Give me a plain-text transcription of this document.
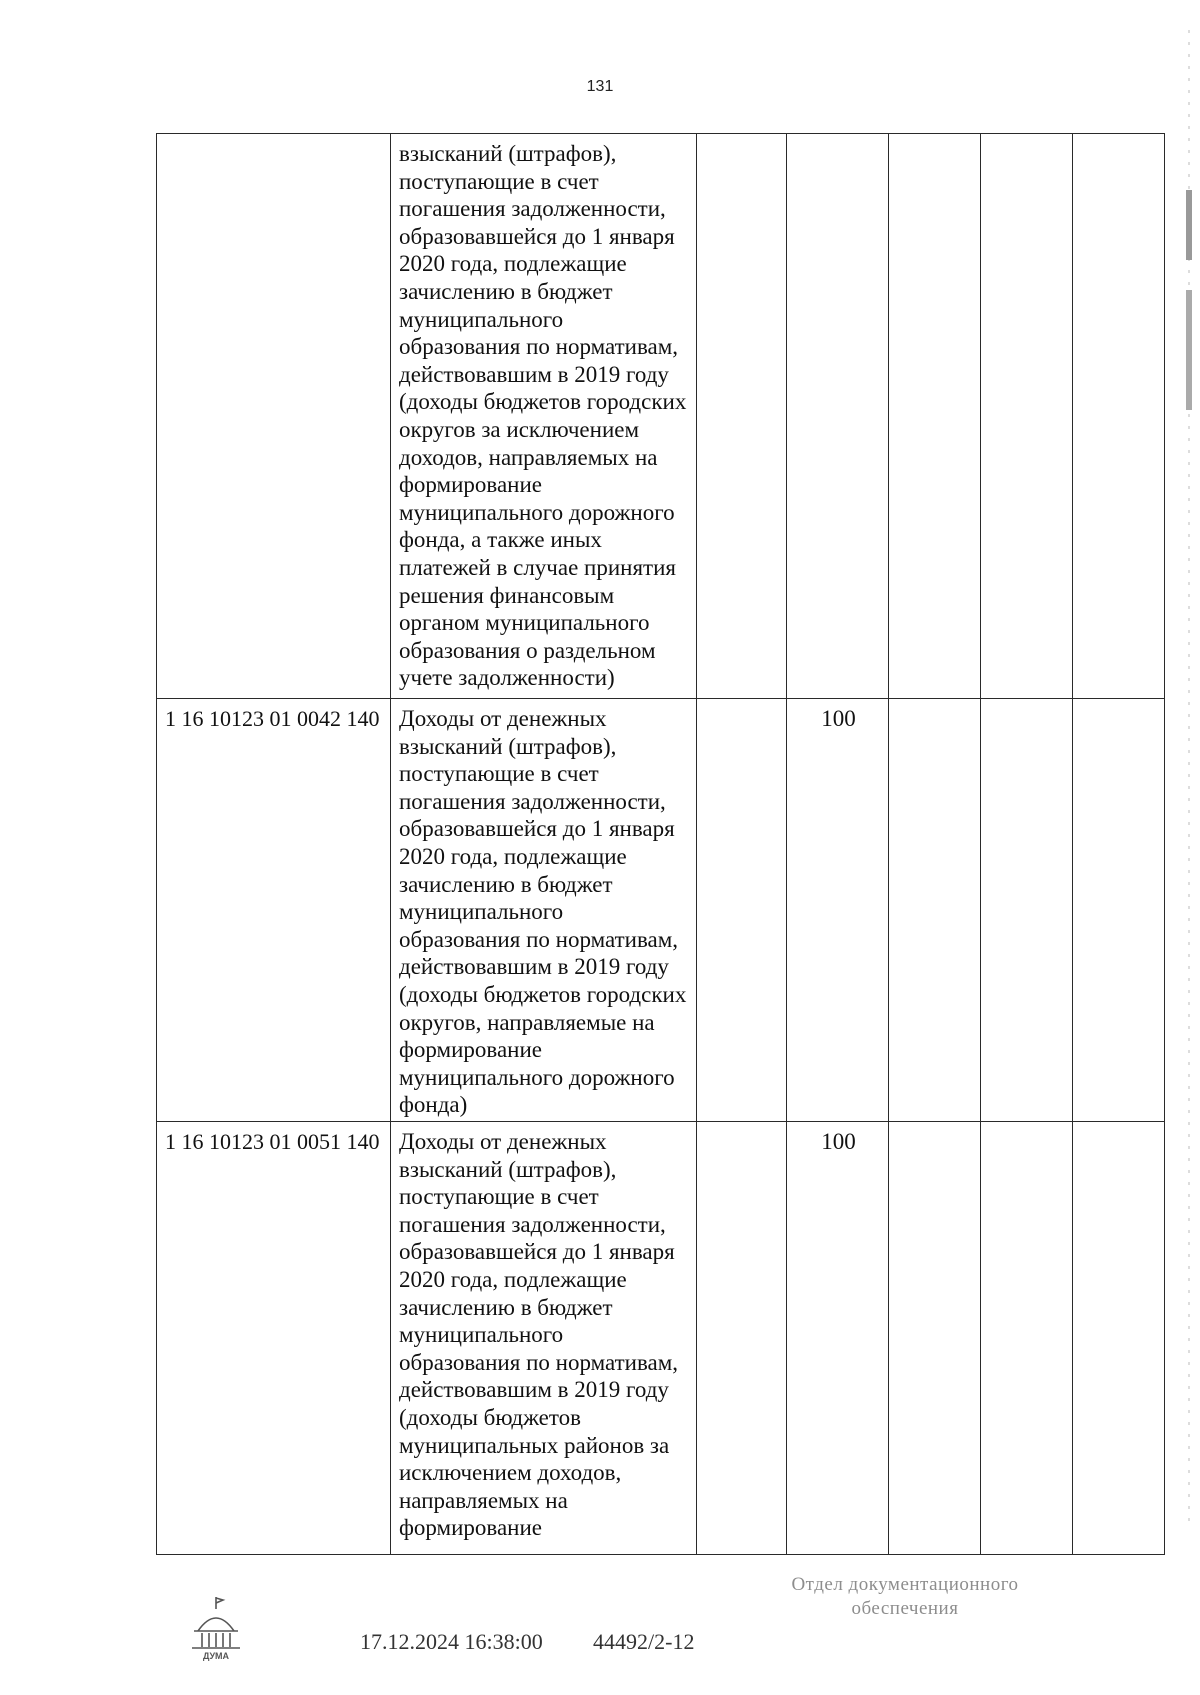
131
	взысканий (штрафов), поступающие в счет погашения задолженности, образовавшейся до 1 января 2020 года, подлежащие зачислению в бюджет муниципального образования по нормативам, действовавшим в 2019 году (доходы бюджетов городских округов за исключением доходов, направляемых на формирование муниципального дорожного фонда, а также иных платежей в случае принятия решения финансовым органом муниципального образования о раздельном учете задолженности)					
1 16 10123 01 0042 140	Доходы от денежных взысканий (штрафов), поступающие в счет погашения задолженности, образовавшейся до 1 января 2020 года, подлежащие зачислению в бюджет муниципального образования по нормативам, действовавшим в 2019 году (доходы бюджетов городских округов, направляемые на формирование муниципального дорожного фонда)		100			
1 16 10123 01 0051 140	Доходы от денежных взысканий (штрафов), поступающие в счет погашения задолженности, образовавшейся до 1 января 2020 года, подлежащие зачислению в бюджет муниципального образования по нормативам, действовавшим в 2019 году (доходы бюджетов муниципальных районов за исключением доходов, направляемых на формирование		100			
ДУМА
17.12.2024 16:38:00 44492/2-12
Отдел документационного
обеспечения
